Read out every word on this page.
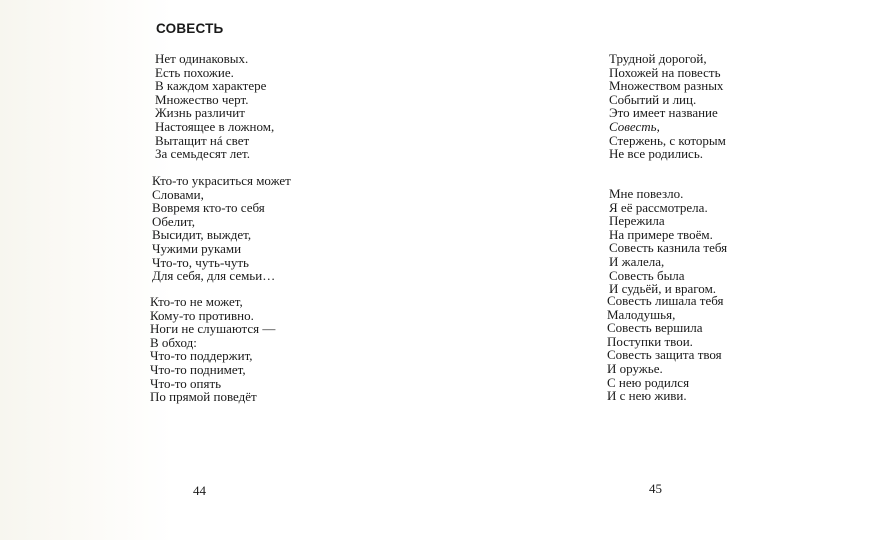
СОВЕСТЬ
Нет одинаковых.
Есть похожие.
В каждом характере
Множество черт.
Жизнь различит
Настоящее в ложном,
Вытащит нá свет
За семьдесят лет.
Кто-то украситься может
Словами,
Вовремя кто-то себя
Обелит,
Высидит, выждет,
Чужими руками
Что-то, чуть-чуть
Для себя, для семьи…
Кто-то не может,
Кому-то противно.
Ноги не слушаются —
В обход:
Что-то поддержит,
Что-то поднимет,
Что-то опять
По прямой поведёт
44
Трудной дорогой,
Похожей на повесть
Множеством разных
Событий и лиц.
Это имеет название
Совесть,
Стержень, с которым
Не все родились.
Мне повезло.
Я её рассмотрела.
Пережила
На примере твоём.
Совесть казнила тебя
И жалела,
Совесть была
И судьёй, и врагом.
Совесть лишала тебя
Малодушья,
Совесть вершила
Поступки твои.
Совесть защита твоя
И оружье.
С нею родился
И с нею живи.
45
